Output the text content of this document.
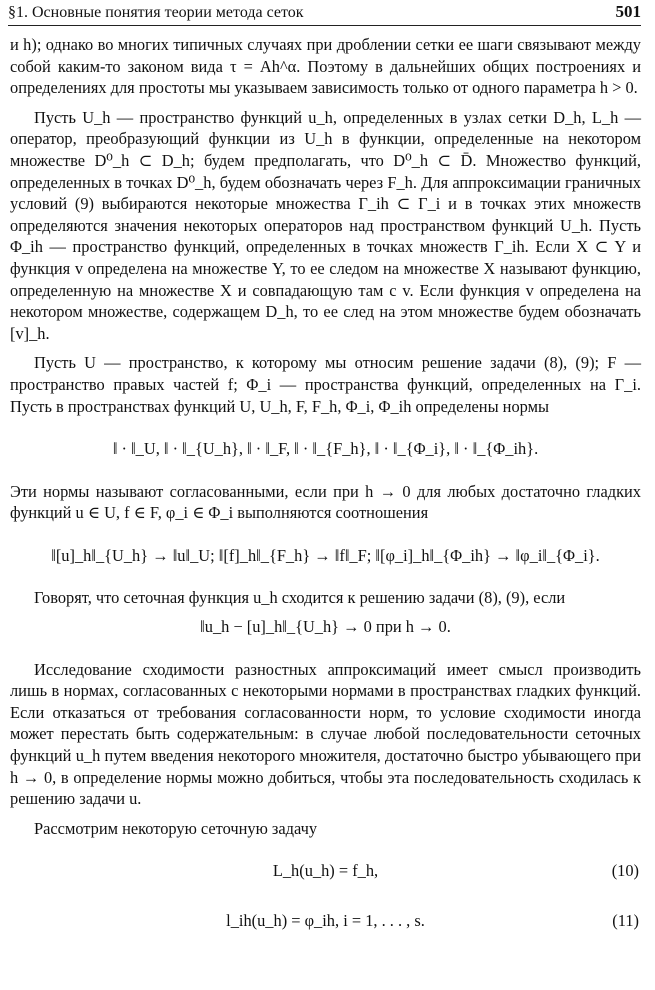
§1. Основные понятия теории метода сеток	501

и h); однако во многих типичных случаях при дроблении сетки ее шаги связывают между собой каким-то законом вида τ = Ah^α. Поэтому в дальнейших общих построениях и определениях для простоты мы указываем зависимость только от одного параметра h > 0.

Пусть U_h — пространство функций u_h, определенных в узлах сетки D_h, L_h — оператор, преобразующий функции из U_h в функции, определенные на некотором множестве D⁰_h ⊂ D_h; будем предполагать, что D⁰_h ⊂ D̄. Множество функций, определенных в точках D⁰_h, будем обозначать через F_h. Для аппроксимации граничных условий (9) выбираются некоторые множества Γ_ih ⊂ Γ_i и в точках этих множеств определяются значения некоторых операторов над пространством функций U_h. Пусть Φ_ih — пространство функций, определенных в точках множеств Γ_ih. Если X ⊂ Y и функция v определена на множестве Y, то ее следом на множестве X называют функцию, определенную на множестве X и совпадающую там с v. Если функция v определена на некотором множестве, содержащем D_h, то ее след на этом множестве будем обозначать [v]_h.

Пусть U — пространство, к которому мы относим решение задачи (8), (9); F — пространство правых частей f; Φ_i — пространства функций, определенных на Γ_i. Пусть в пространствах функций U, U_h, F, F_h, Φ_i, Φ_ih определены нормы

‖ · ‖_U, ‖ · ‖_{U_h}, ‖ · ‖_F, ‖ · ‖_{F_h}, ‖ · ‖_{Φ_i}, ‖ · ‖_{Φ_ih}.

Эти нормы называют согласованными, если при h → 0 для любых достаточно гладких функций u ∈ U, f ∈ F, φ_i ∈ Φ_i выполняются соотношения

‖[u]_h‖_{U_h} → ‖u‖_U; ‖[f]_h‖_{F_h} → ‖f‖_F; ‖[φ_i]_h‖_{Φ_ih} → ‖φ_i‖_{Φ_i}.

Говорят, что сеточная функция u_h сходится к решению задачи (8), (9), если

‖u_h − [u]_h‖_{U_h} → 0 при h → 0.

Исследование сходимости разностных аппроксимаций имеет смысл производить лишь в нормах, согласованных с некоторыми нормами в пространствах гладких функций. Если отказаться от требования согласованности норм, то условие сходимости иногда может перестать быть содержательным: в случае любой последовательности сеточных функций u_h путем введения некоторого множителя, достаточно быстро убывающего при h → 0, в определение нормы можно добиться, чтобы эта последовательность сходилась к решению задачи u.

Рассмотрим некоторую сеточную задачу

L_h(u_h) = f_h,	(10)
l_ih(u_h) = φ_ih, i = 1, . . . , s.	(11)
